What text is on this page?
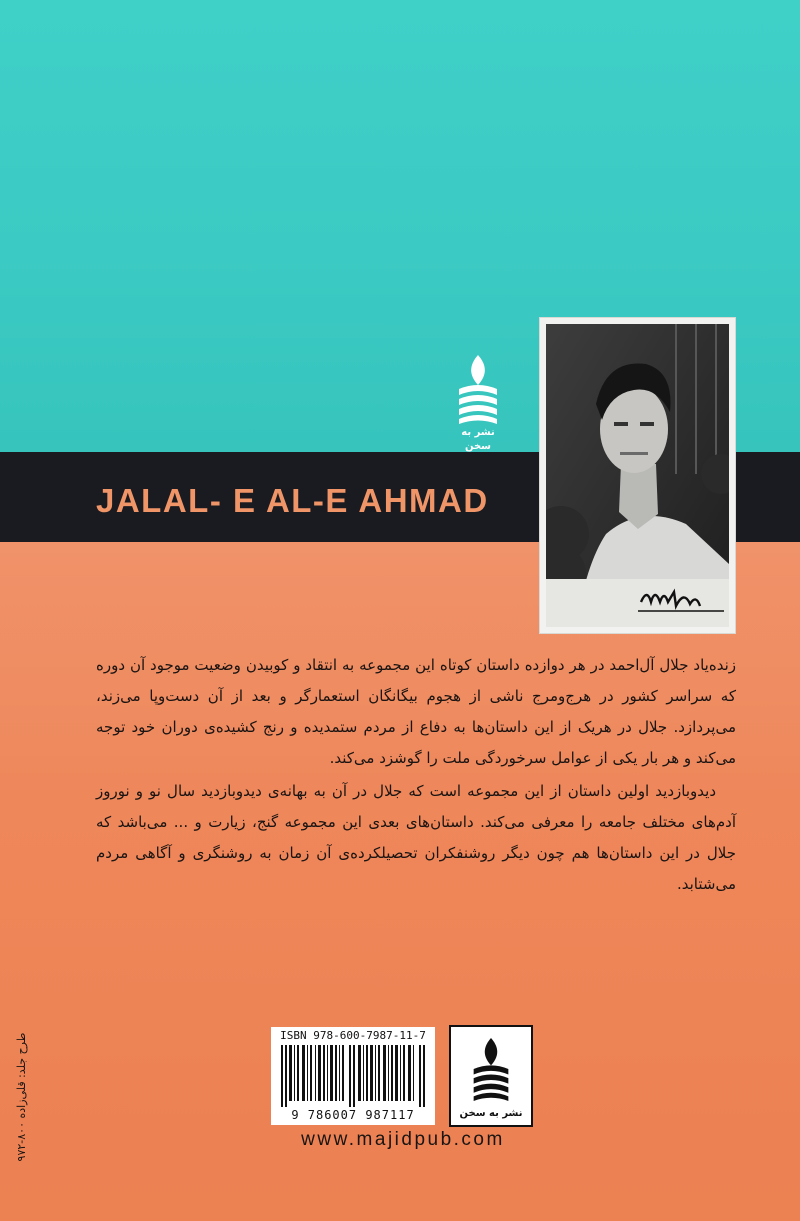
JALAL- E AL-E AHMAD
نشر به سخن

زنده‌یاد جلال آل‌احمد در هر دوازده داستان کوتاه این مجموعه به انتقاد و کوبیدن وضعیت موجود آن دوره که سراسر کشور در هرج‌ومرج ناشی از هجوم بیگانگان استعمارگر و بعد از آن دست‌وپا می‌زند، می‌پردازد. جلال در هریک از این داستان‌ها به دفاع از مردم ستمدیده و رنج کشیده‌ی دوران خود توجه می‌کند و هر بار یکی از عوامل سرخوردگی ملت را گوشزد می‌کند.

دیدوبازدید اولین داستان از این مجموعه است که جلال در آن به بهانه‌ی دیدوبازدید سال نو و نوروز آدم‌های مختلف جامعه را معرفی می‌کند. داستان‌های بعدی این مجموعه گنج، زیارت و ... می‌باشد که جلال در این داستان‌ها هم چون دیگر روشنفکران تحصیلکرده‌ی آن زمان به روشنگری و آگاهی مردم می‌شتابد.

ISBN 978-600-7987-11-7
9 786007 987117	نشر به سخن
www.majidpub.com
طرح جلد: قلی‌زاده ۸۰۰-۹۷۲
